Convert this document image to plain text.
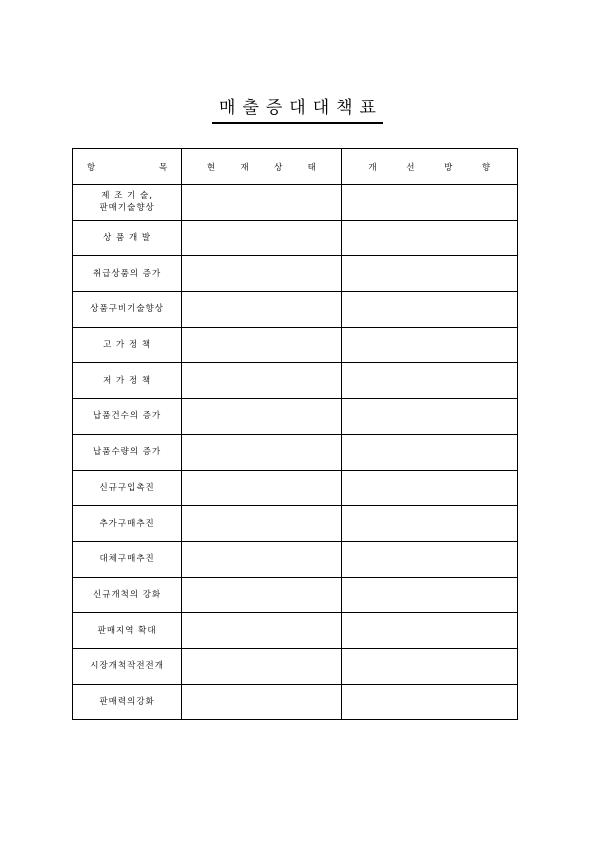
매출증대대책표
항 목	현 재 상 태	개 선 방 향

제 조 기 술,
판매기술향상		

상 품 개 발		

취급상품의 증가		

상품구비기술향상		

고 가 정 책		

저 가 정 책		

납품건수의 증가		

납품수량의 증가		

신규구입촉진		

추가구매추진		

대체구매추진		

신규개척의 강화		

판매지역 확대		

시장개척작전전개		

판매력의강화		
